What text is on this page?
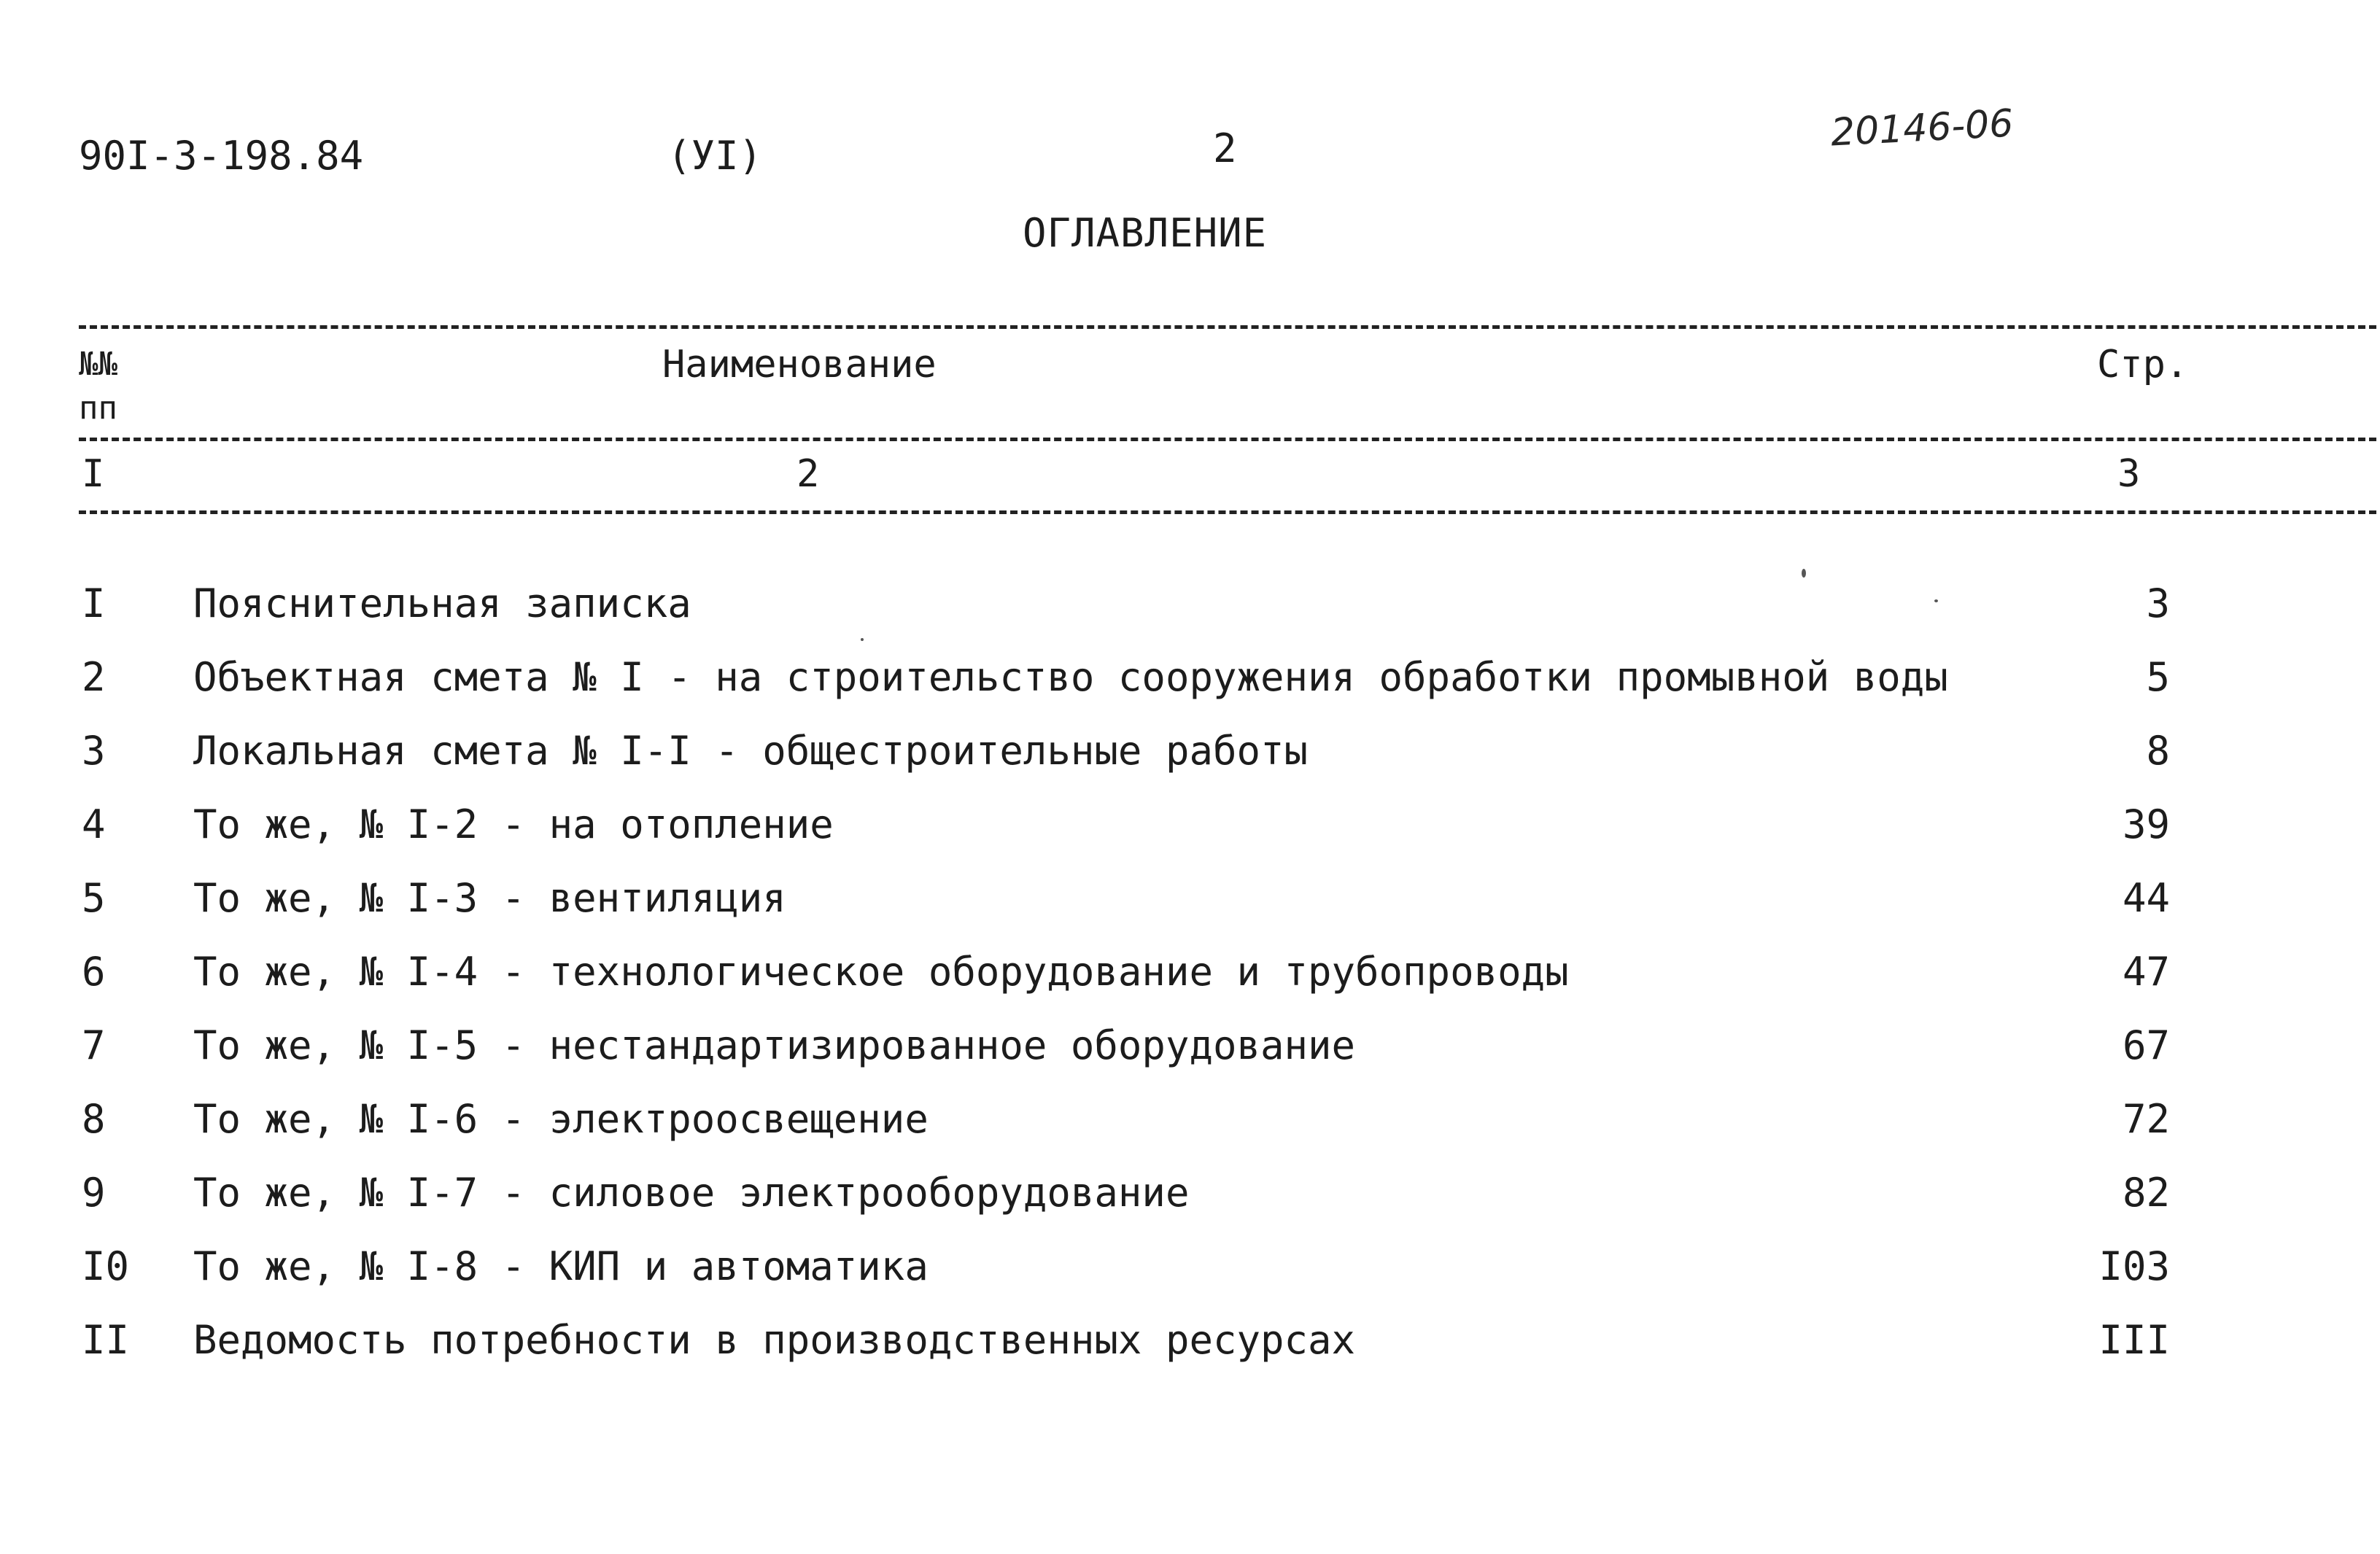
90I-3-198.84	(УI)	2	20146-06
ОГЛАВЛЕНИЕ
№№
пп
Наименование	Стр.
I	2	3
I Пояснительная записка	3
2 Объектная смета № I - на строительство сооружения обработки промывной воды	5
3 Локальная смета № I-I - общестроительные работы	8
4 То же, № I-2 - на отопление	39
5 То же, № I-3 - вентиляция	44
6 То же, № I-4 - технологическое оборудование и трубопроводы	47
7 То же, № I-5 - нестандартизированное оборудование	67
8 То же, № I-6 - электроосвещение	72
9 То же, № I-7 - силовое электрооборудование	82
I0 То же, № I-8 - КИП и автоматика	I03
II Ведомость потребности в производственных ресурсах	III
